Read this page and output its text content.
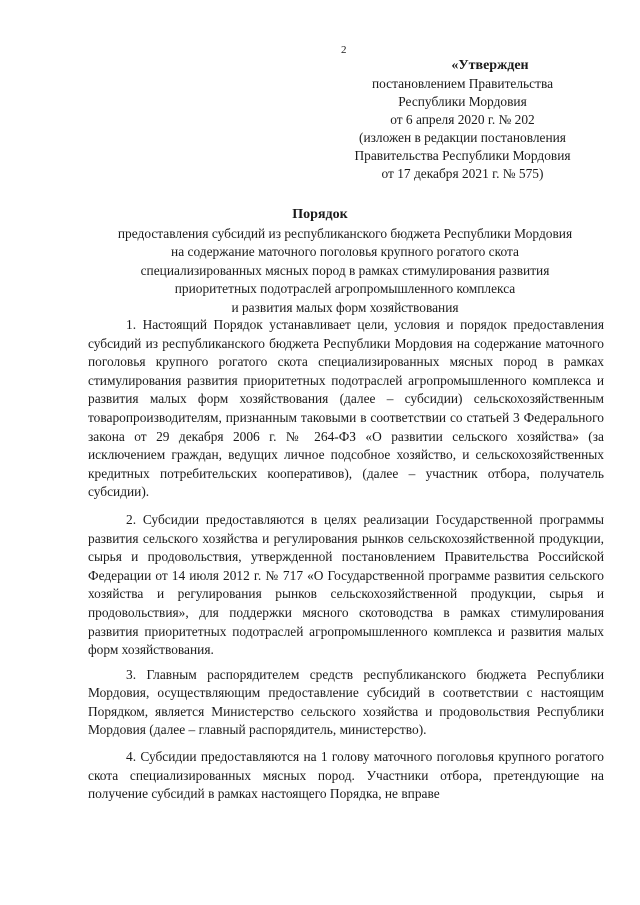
2
«Утвержден
постановлением Правительства
Республики Мордовия
от 6 апреля 2020 г. № 202
(изложен в редакции постановления
Правительства Республики Мордовия
от 17 декабря 2021 г. № 575)
Порядок
предоставления субсидий из республиканского бюджета Республики Мордовия
на содержание маточного поголовья крупного рогатого скота
специализированных мясных пород в рамках стимулирования развития
приоритетных подотраслей агропромышленного комплекса
и развития малых форм хозяйствования

1. Настоящий Порядок устанавливает цели, условия и порядок предоставления субсидий из республиканского бюджета Республики Мордовия на содержание маточного поголовья крупного рогатого скота специализированных мясных пород в рамках стимулирования развития приоритетных подотраслей агропромышленного комплекса и развития малых форм хозяйствования (далее – субсидии) сельскохозяйственным товаропроизводителям, признанным таковыми в соответствии со статьей 3 Федерального закона от 29 декабря 2006 г. № 264-ФЗ «О развитии сельского хозяйства» (за исключением граждан, ведущих личное подсобное хозяйство, и сельскохозяйственных кредитных потребительских кооперативов), (далее – участник отбора, получатель субсидии).

2. Субсидии предоставляются в целях реализации Государственной программы развития сельского хозяйства и регулирования рынков сельскохозяйственной продукции, сырья и продовольствия, утвержденной постановлением Правительства Российской Федерации от 14 июля 2012 г. № 717 «О Государственной программе развития сельского хозяйства и регулирования рынков сельскохозяйственной продукции, сырья и продовольствия», для поддержки мясного скотоводства в рамках стимулирования развития приоритетных подотраслей агропромышленного комплекса и развития малых форм хозяйствования.

3. Главным распорядителем средств республиканского бюджета Республики Мордовия, осуществляющим предоставление субсидий в соответствии с настоящим Порядком, является Министерство сельского хозяйства и продовольствия Республики Мордовия (далее – главный распорядитель, министерство).

4. Субсидии предоставляются на 1 голову маточного поголовья крупного рогатого скота специализированных мясных пород. Участники отбора, претендующие на получение субсидий в рамках настоящего Порядка, не вправе
